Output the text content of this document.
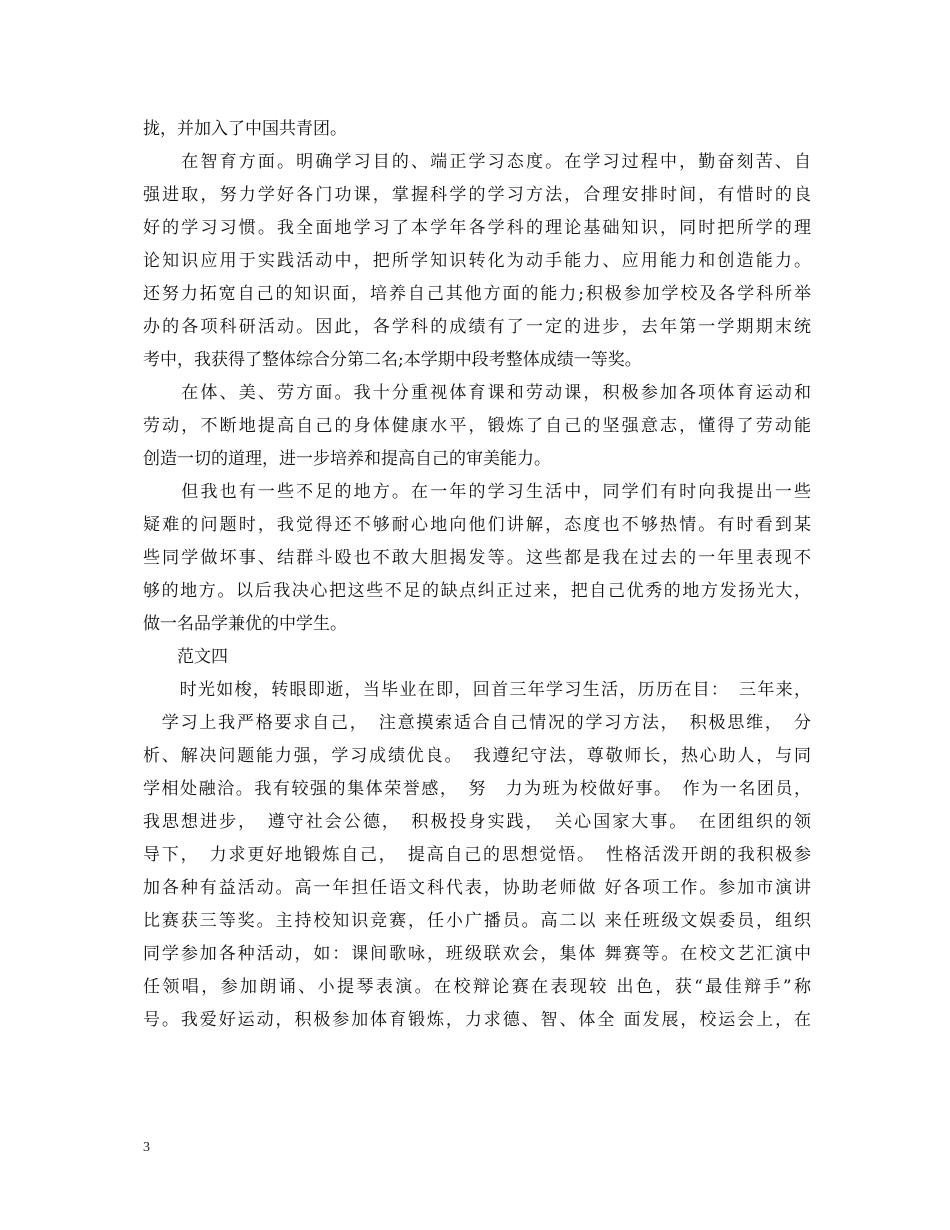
拢，并加入了中国共青团。
　　在智育方面。明确学习目的、端正学习态度。在学习过程中，勤奋刻苦、自
强进取，努力学好各门功课，掌握科学的学习方法，合理安排时间，有惜时的良
好的学习习惯。我全面地学习了本学年各学科的理论基础知识，同时把所学的理
论知识应用于实践活动中，把所学知识转化为动手能力、应用能力和创造能力。
还努力拓宽自己的知识面，培养自己其他方面的能力;积极参加学校及各学科所举
办的各项科研活动。因此，各学科的成绩有了一定的进步，去年第一学期期末统
考中，我获得了整体综合分第二名;本学期中段考整体成绩一等奖。
　　在体、美、劳方面。我十分重视体育课和劳动课，积极参加各项体育运动和
劳动，不断地提高自己的身体健康水平，锻炼了自己的坚强意志，懂得了劳动能
创造一切的道理，进一步培养和提高自己的审美能力。
　　但我也有一些不足的地方。在一年的学习生活中，同学们有时向我提出一些
疑难的问题时，我觉得还不够耐心地向他们讲解，态度也不够热情。有时看到某
些同学做坏事、结群斗殴也不敢大胆揭发等。这些都是我在过去的一年里表现不
够的地方。以后我决心把这些不足的缺点纠正过来，把自己优秀的地方发扬光大，
做一名品学兼优的中学生。
　　范文四
　　时光如梭，转眼即逝，当毕业在即，回首三年学习生活，历历在目：　三年来，
　学习上我严格要求自己，　注意摸索适合自己情况的学习方法，　积极思维，　分
析、解决问题能力强，学习成绩优良。　我遵纪守法，尊敬师长，热心助人，与同
学相处融洽。我有较强的集体荣誉感，　努　力为班为校做好事。　作为一名团员，
我思想进步，　遵守社会公德，　积极投身实践，　关心国家大事。　在团组织的领
导下，　力求更好地锻炼自己，　提高自己的思想觉悟。　性格活泼开朗的我积极参
加各种有益活动。高一年担任语文科代表，协助老师做 好各项工作。参加市演讲
比赛获三等奖。主持校知识竞赛，任小广播员。高二以 来任班级文娱委员，组织
同学参加各种活动，如：课间歌咏，班级联欢会，集体 舞赛等。在校文艺汇演中
任领唱，参加朗诵、小提琴表演。在校辩论赛在表现较 出色，获“最佳辩手”称
号。我爱好运动，积极参加体育锻炼，力求德、智、体全 面发展，校运会上，在
3
